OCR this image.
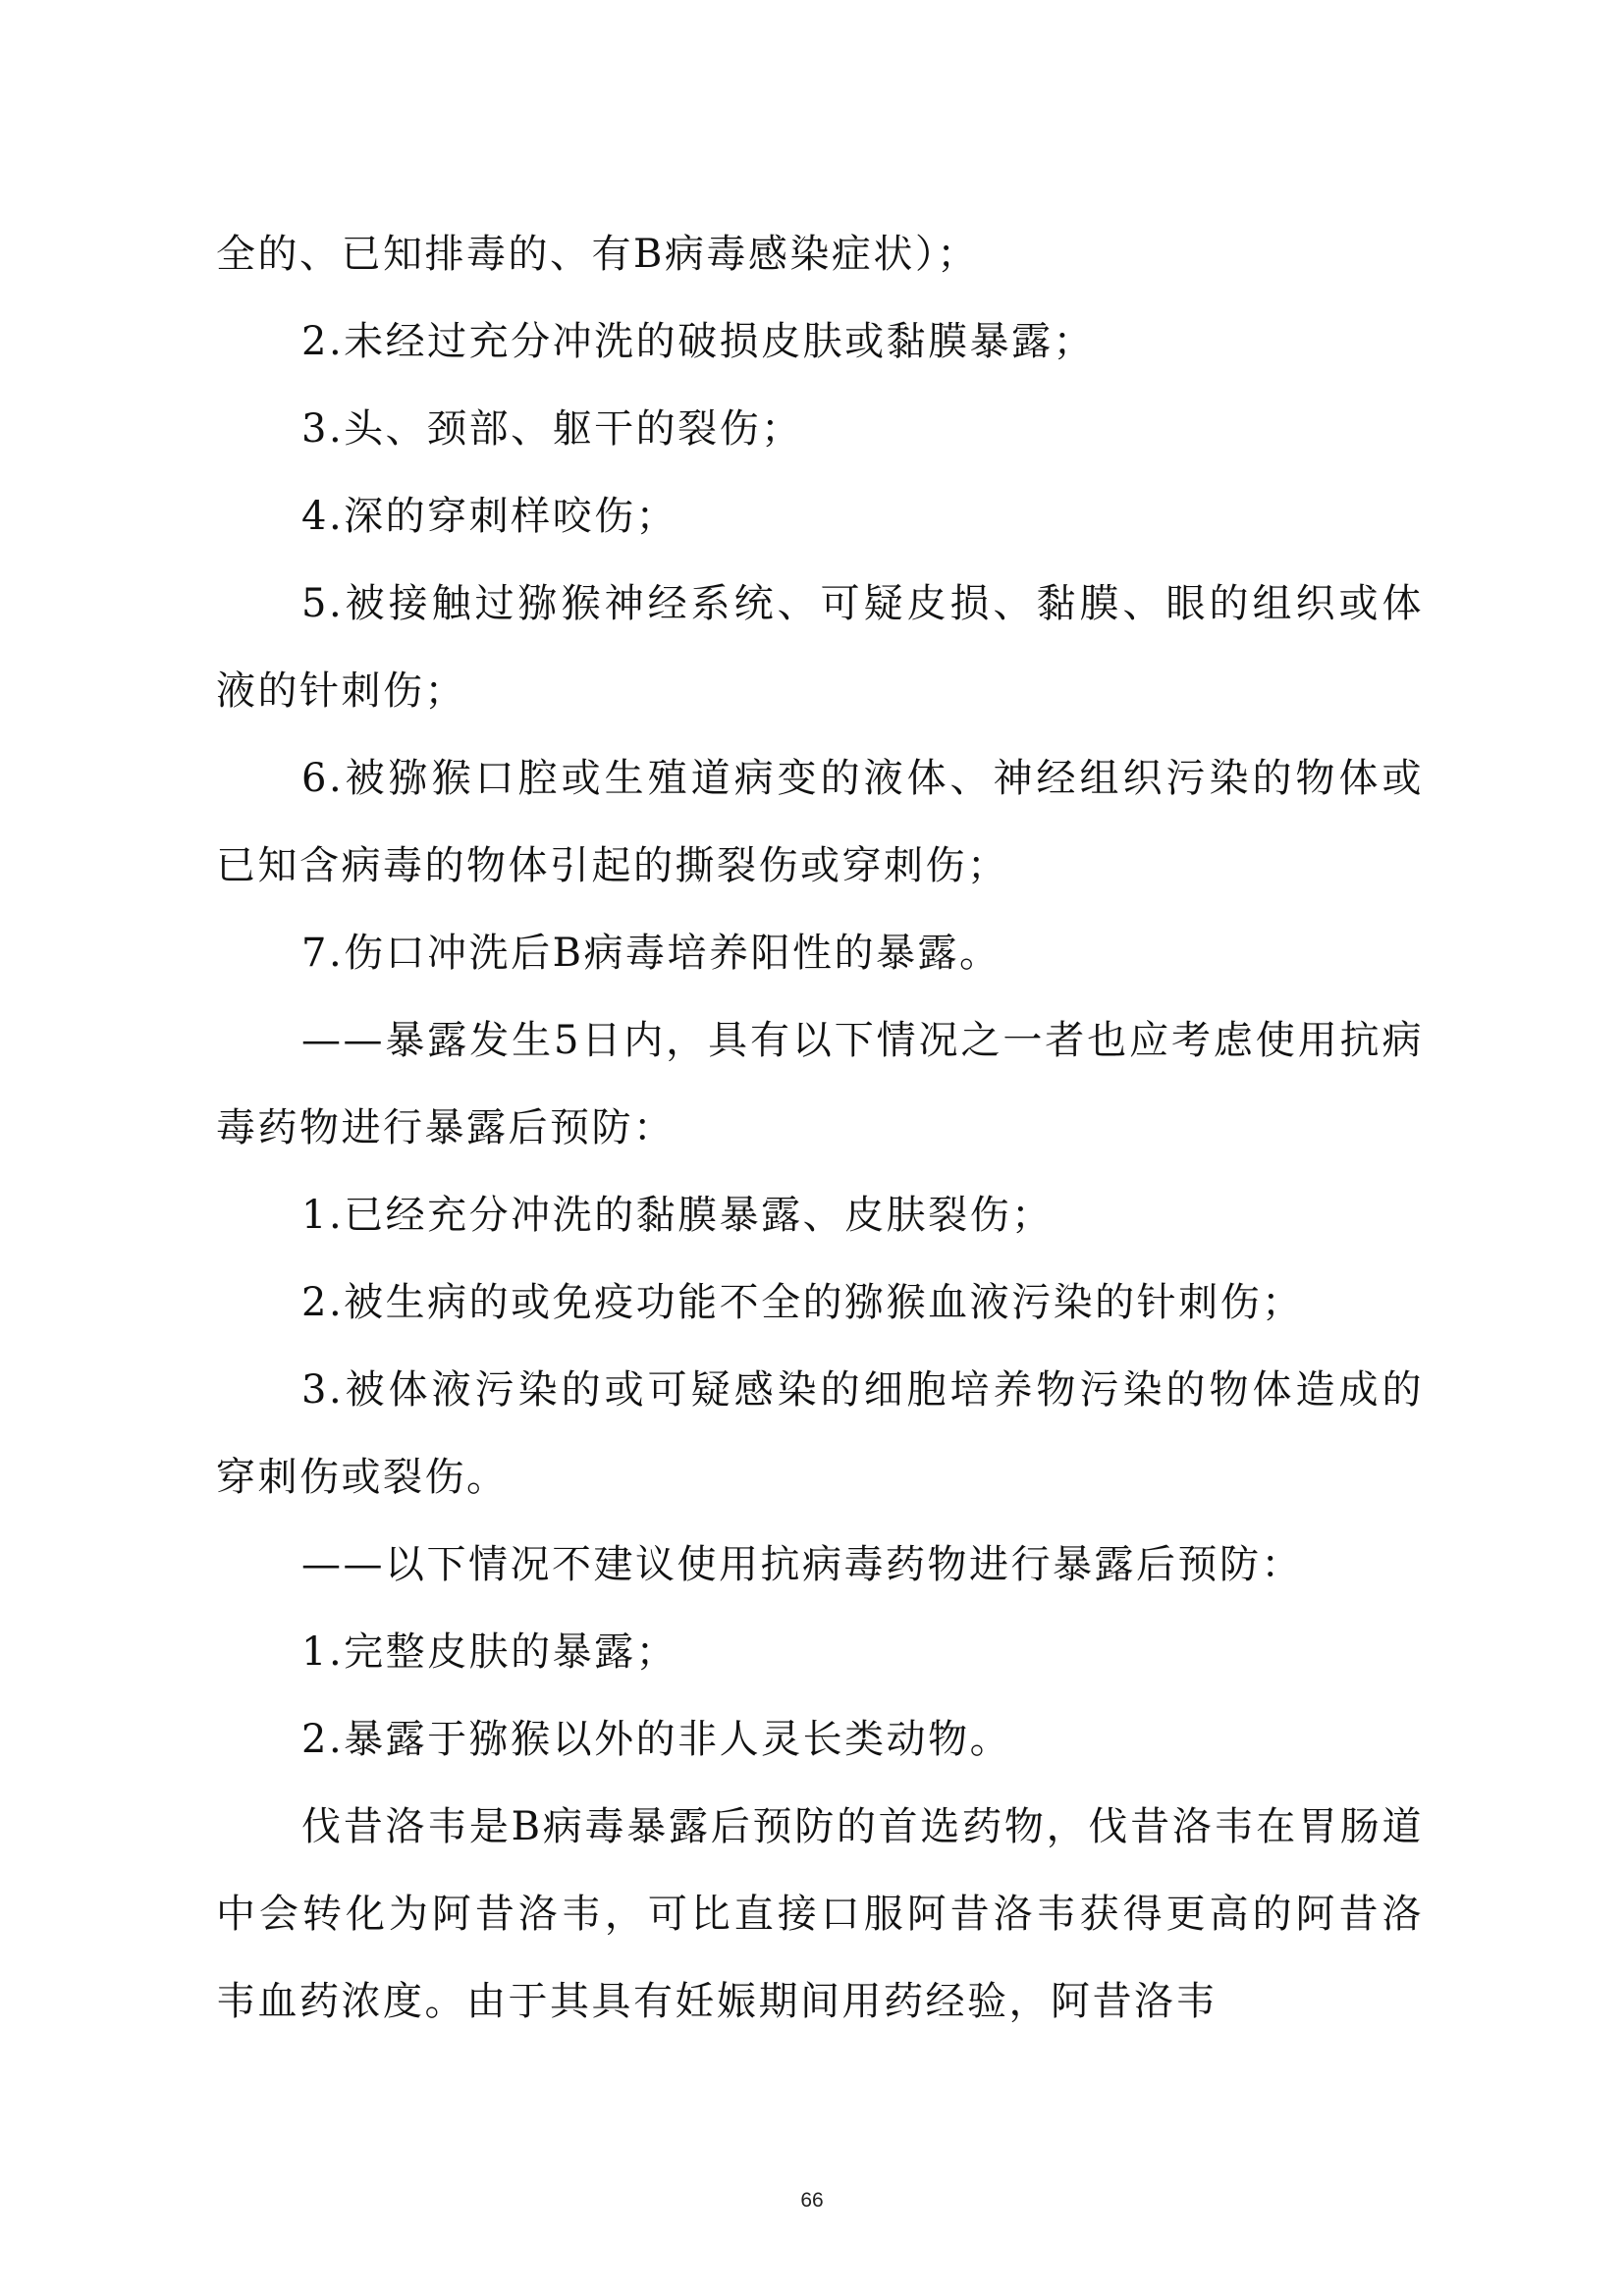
全的、已知排毒的、有B病毒感染症状）；

2.未经过充分冲洗的破损皮肤或黏膜暴露；

3.头、颈部、躯干的裂伤；

4.深的穿刺样咬伤；

5.被接触过猕猴神经系统、可疑皮损、黏膜、眼的组织或体液的针刺伤；

6.被猕猴口腔或生殖道病变的液体、神经组织污染的物体或已知含病毒的物体引起的撕裂伤或穿刺伤；

7.伤口冲洗后B病毒培养阳性的暴露。

——暴露发生5日内，具有以下情况之一者也应考虑使用抗病毒药物进行暴露后预防：

1.已经充分冲洗的黏膜暴露、皮肤裂伤；

2.被生病的或免疫功能不全的猕猴血液污染的针刺伤；

3.被体液污染的或可疑感染的细胞培养物污染的物体造成的穿刺伤或裂伤。

——以下情况不建议使用抗病毒药物进行暴露后预防：

1.完整皮肤的暴露；

2.暴露于猕猴以外的非人灵长类动物。

伐昔洛韦是B病毒暴露后预防的首选药物，伐昔洛韦在胃肠道中会转化为阿昔洛韦，可比直接口服阿昔洛韦获得更高的阿昔洛韦血药浓度。由于其具有妊娠期间用药经验，阿昔洛韦

66
